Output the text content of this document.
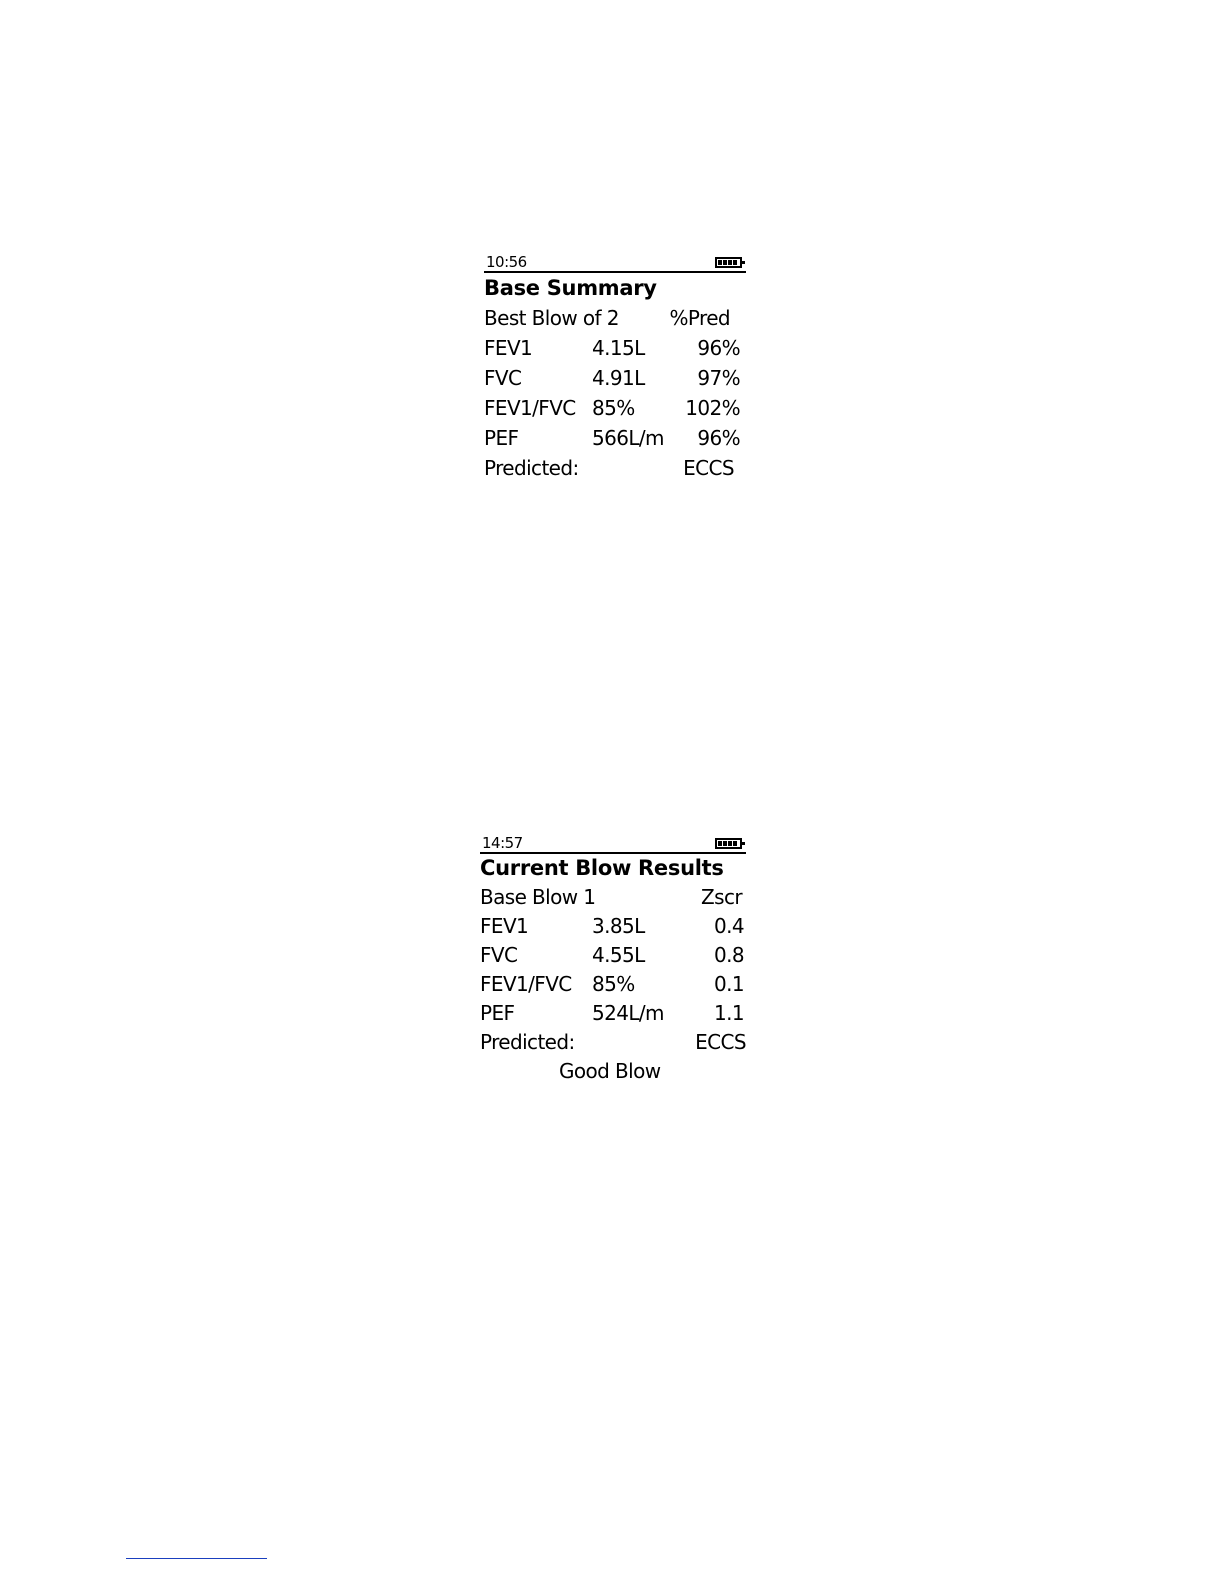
10:56
Base Summary
Best Blow of 2	%Pred
FEV1	4.15L	96%
FVC	4.91L	97%
FEV1/FVC 85%	102%
PEF	566L/m 96%
Predicted:	ECCS
14:57
Current Blow Results
Base Blow 1	Zscr
FEV1	3.85L	0.4
FVC	4.55L	0.8
FEV1/FVC 85%	0.1
PEF	524L/m	1.1
Predicted:	ECCS
Good Blow
